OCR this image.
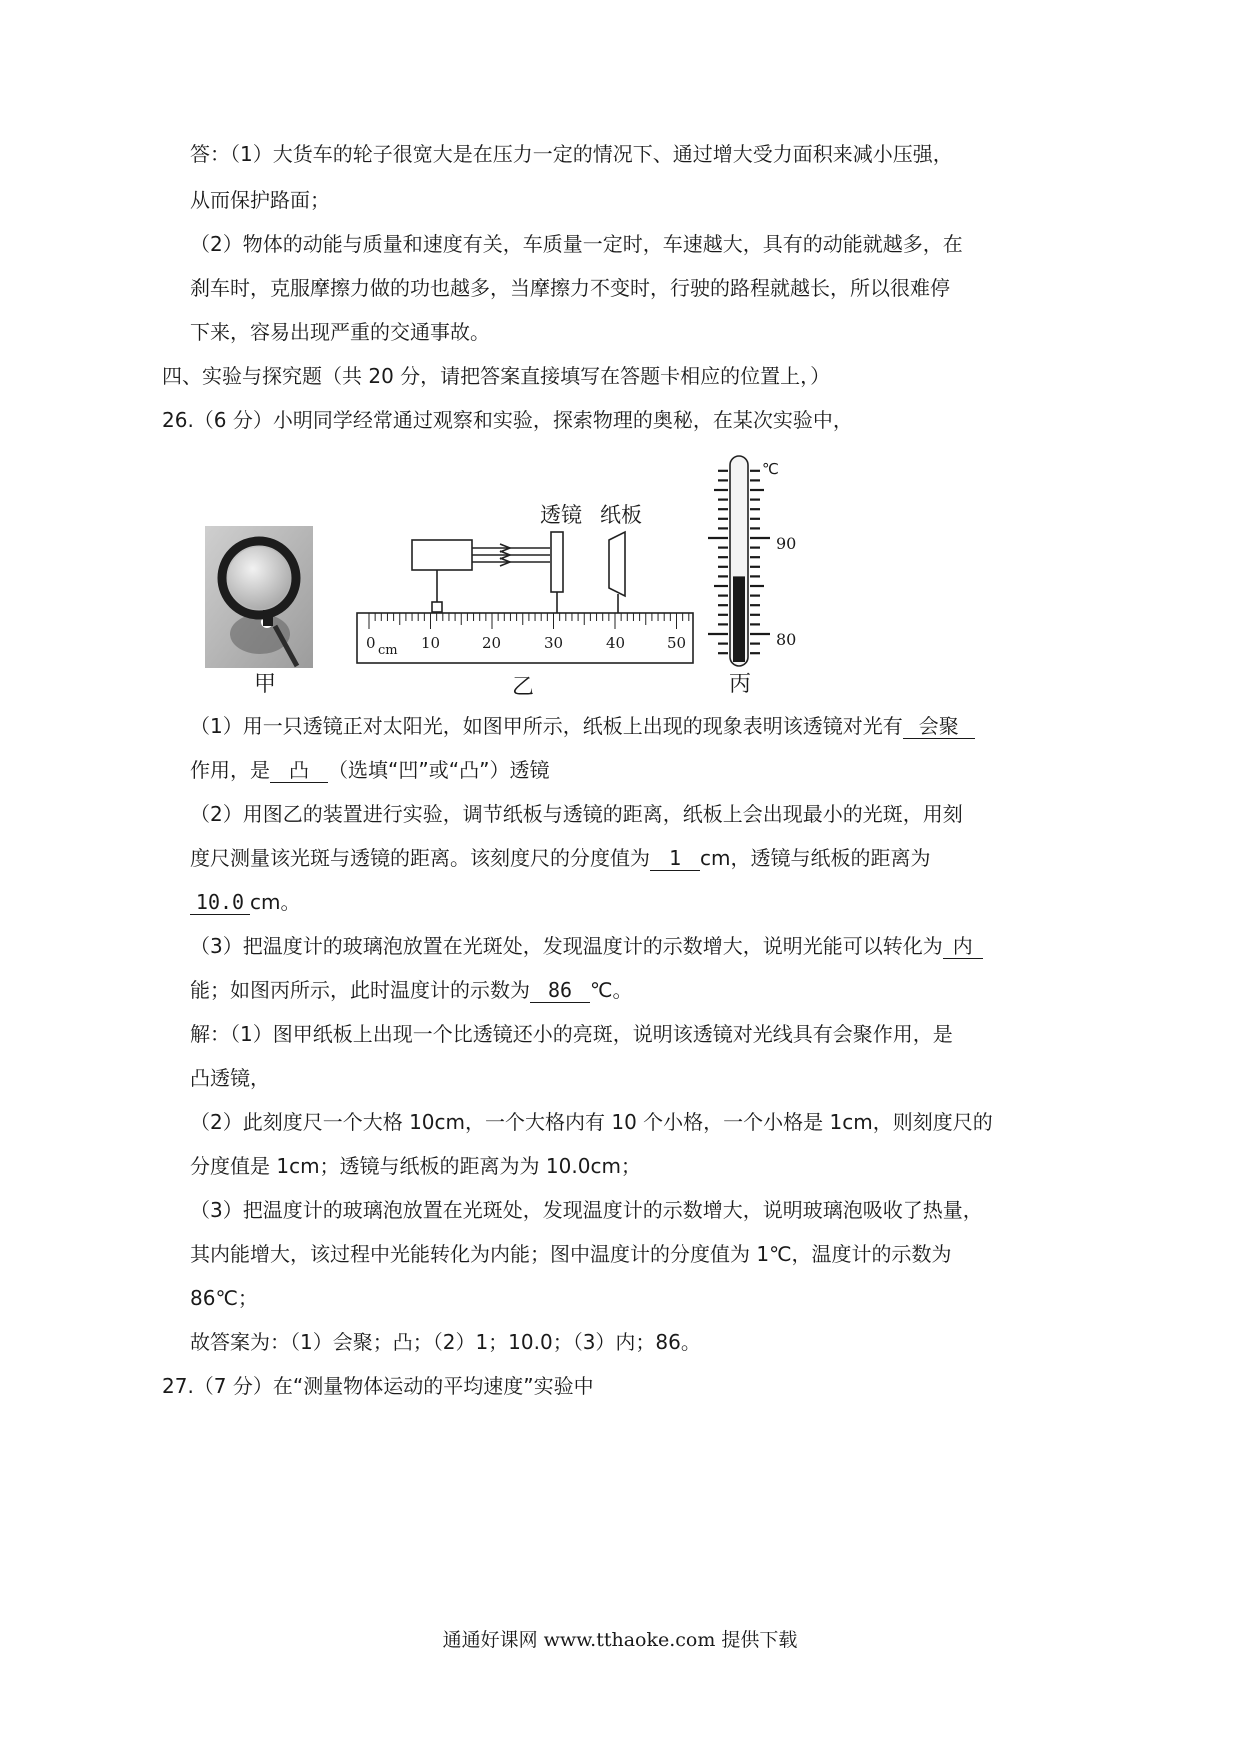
答：（1）大货车的轮子很宽大是在压力一定的情况下、通过增大受力面积来减小压强，
从而保护路面；
（2）物体的动能与质量和速度有关，车质量一定时，车速越大，具有的动能就越多，在
刹车时，克服摩擦力做的功也越多，当摩擦力不变时，行驶的路程就越长，所以很难停
下来，容易出现严重的交通事故。
四、实验与探究题（共 20 分，请把答案直接填写在答题卡相应的位置上，）
26.（6 分）小明同学经常通过观察和实验，探索物理的奥秘，在某次实验中，
透镜 纸板
0 cm 10	20	30	40	50
℃
90
80
甲	乙	丙
（1）用一只透镜正对太阳光，如图甲所示，纸板上出现的现象表明该透镜对光有 会聚
作用，是 凸 （选填“凹”或“凸”）透镜
（2）用图乙的装置进行实验，调节纸板与透镜的距离，纸板上会出现最小的光斑，用刻
度尺测量该光斑与透镜的距离。该刻度尺的分度值为 1 cm，透镜与纸板的距离为
10.0 cm。
（3）把温度计的玻璃泡放置在光斑处，发现温度计的示数增大，说明光能可以转化为 内
能；如图丙所示，此时温度计的示数为 86 ℃。
解：（1）图甲纸板上出现一个比透镜还小的亮斑，说明该透镜对光线具有会聚作用，是
凸透镜，
（2）此刻度尺一个大格 10cm，一个大格内有 10 个小格，一个小格是 1cm，则刻度尺的
分度值是 1cm；透镜与纸板的距离为为 10.0cm；
（3）把温度计的玻璃泡放置在光斑处，发现温度计的示数增大，说明玻璃泡吸收了热量，
其内能增大，该过程中光能转化为内能；图中温度计的分度值为 1℃，温度计的示数为
86℃；
故答案为：（1）会聚；凸；（2）1；10.0；（3）内；86。
27.（7 分）在“测量物体运动的平均速度”实验中
通通好课网 www.tthaoke.com 提供下载
